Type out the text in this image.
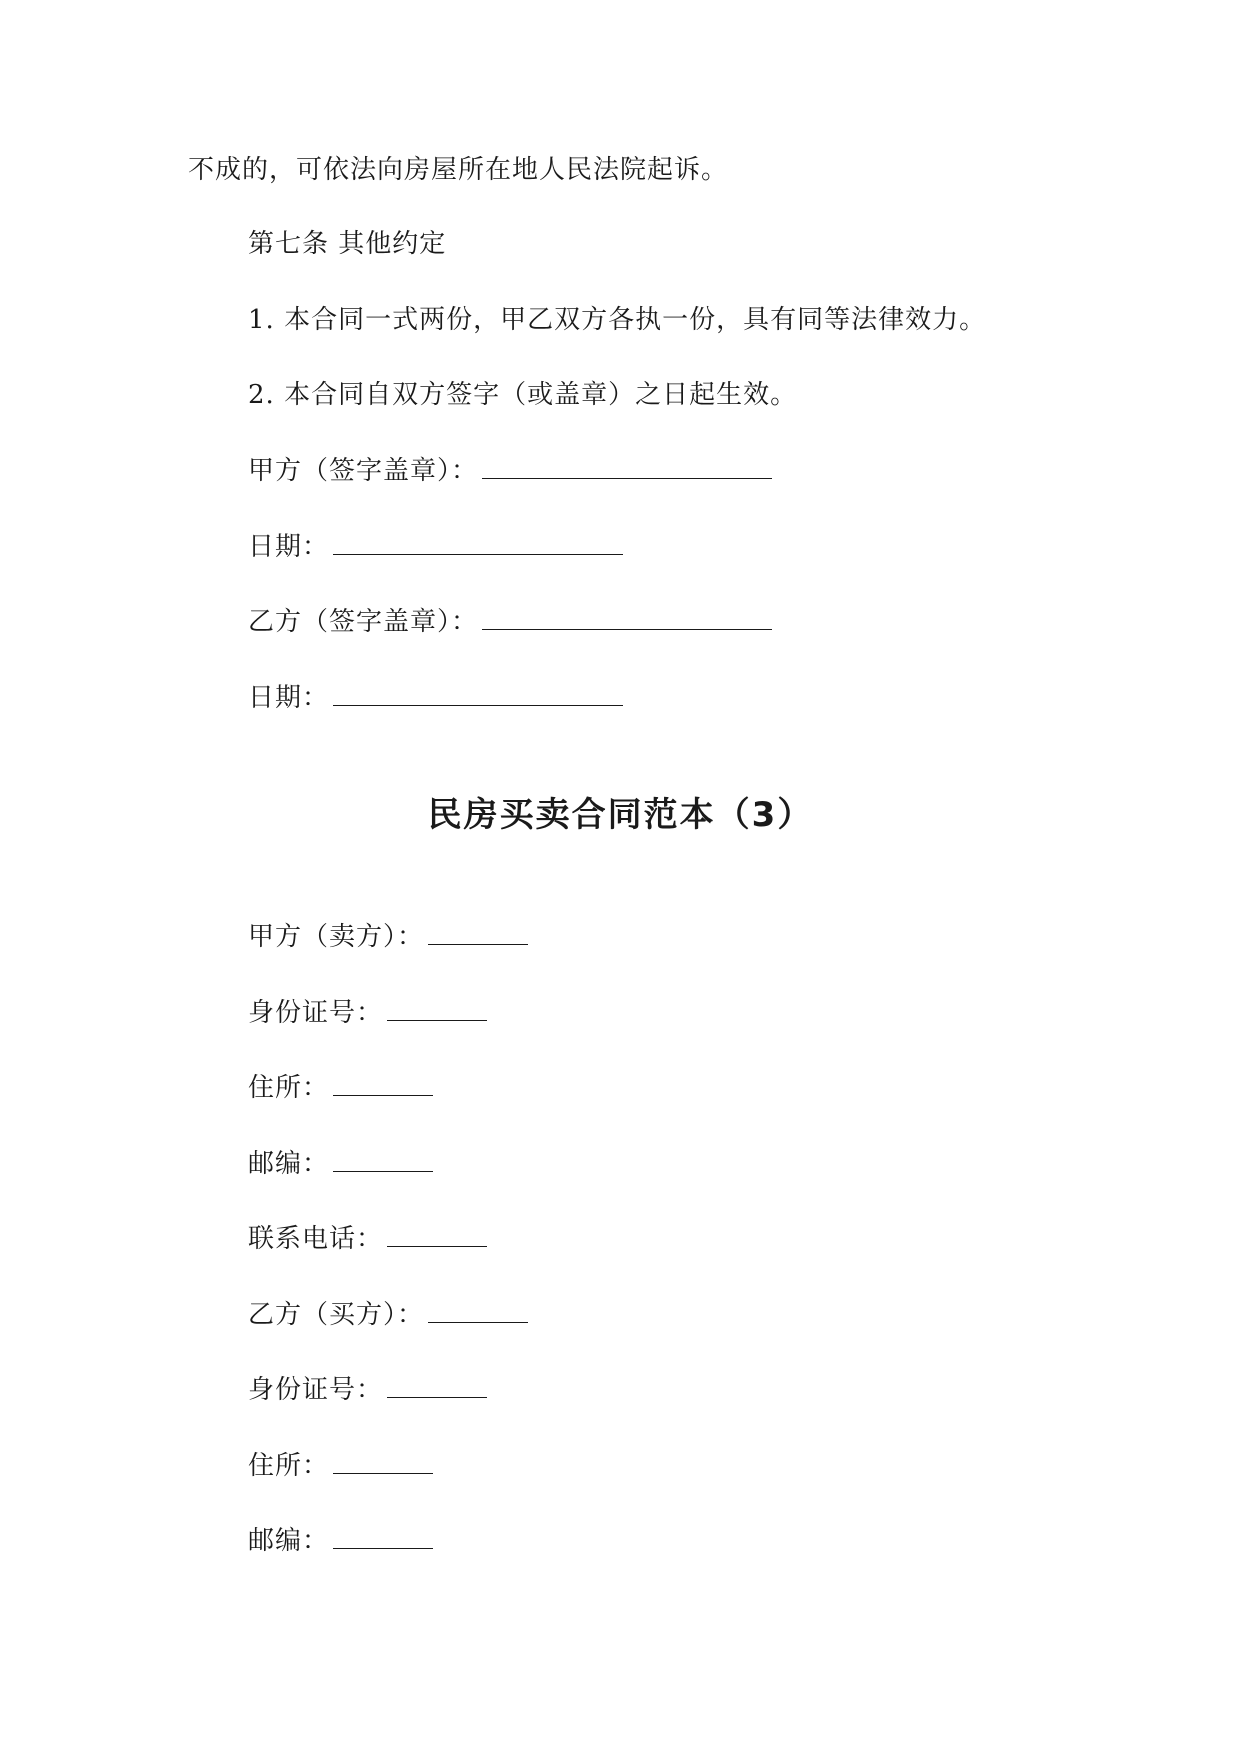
不成的，可依法向房屋所在地人民法院起诉。
第七条 其他约定
1. 本合同一式两份，甲乙双方各执一份，具有同等法律效力。
2. 本合同自双方签字（或盖章）之日起生效。
甲方（签字盖章）：
日期：
乙方（签字盖章）：
日期：
民房买卖合同范本（3）
甲方（卖方）：
身份证号：
住所：
邮编：
联系电话：
乙方（买方）：
身份证号：
住所：
邮编：
